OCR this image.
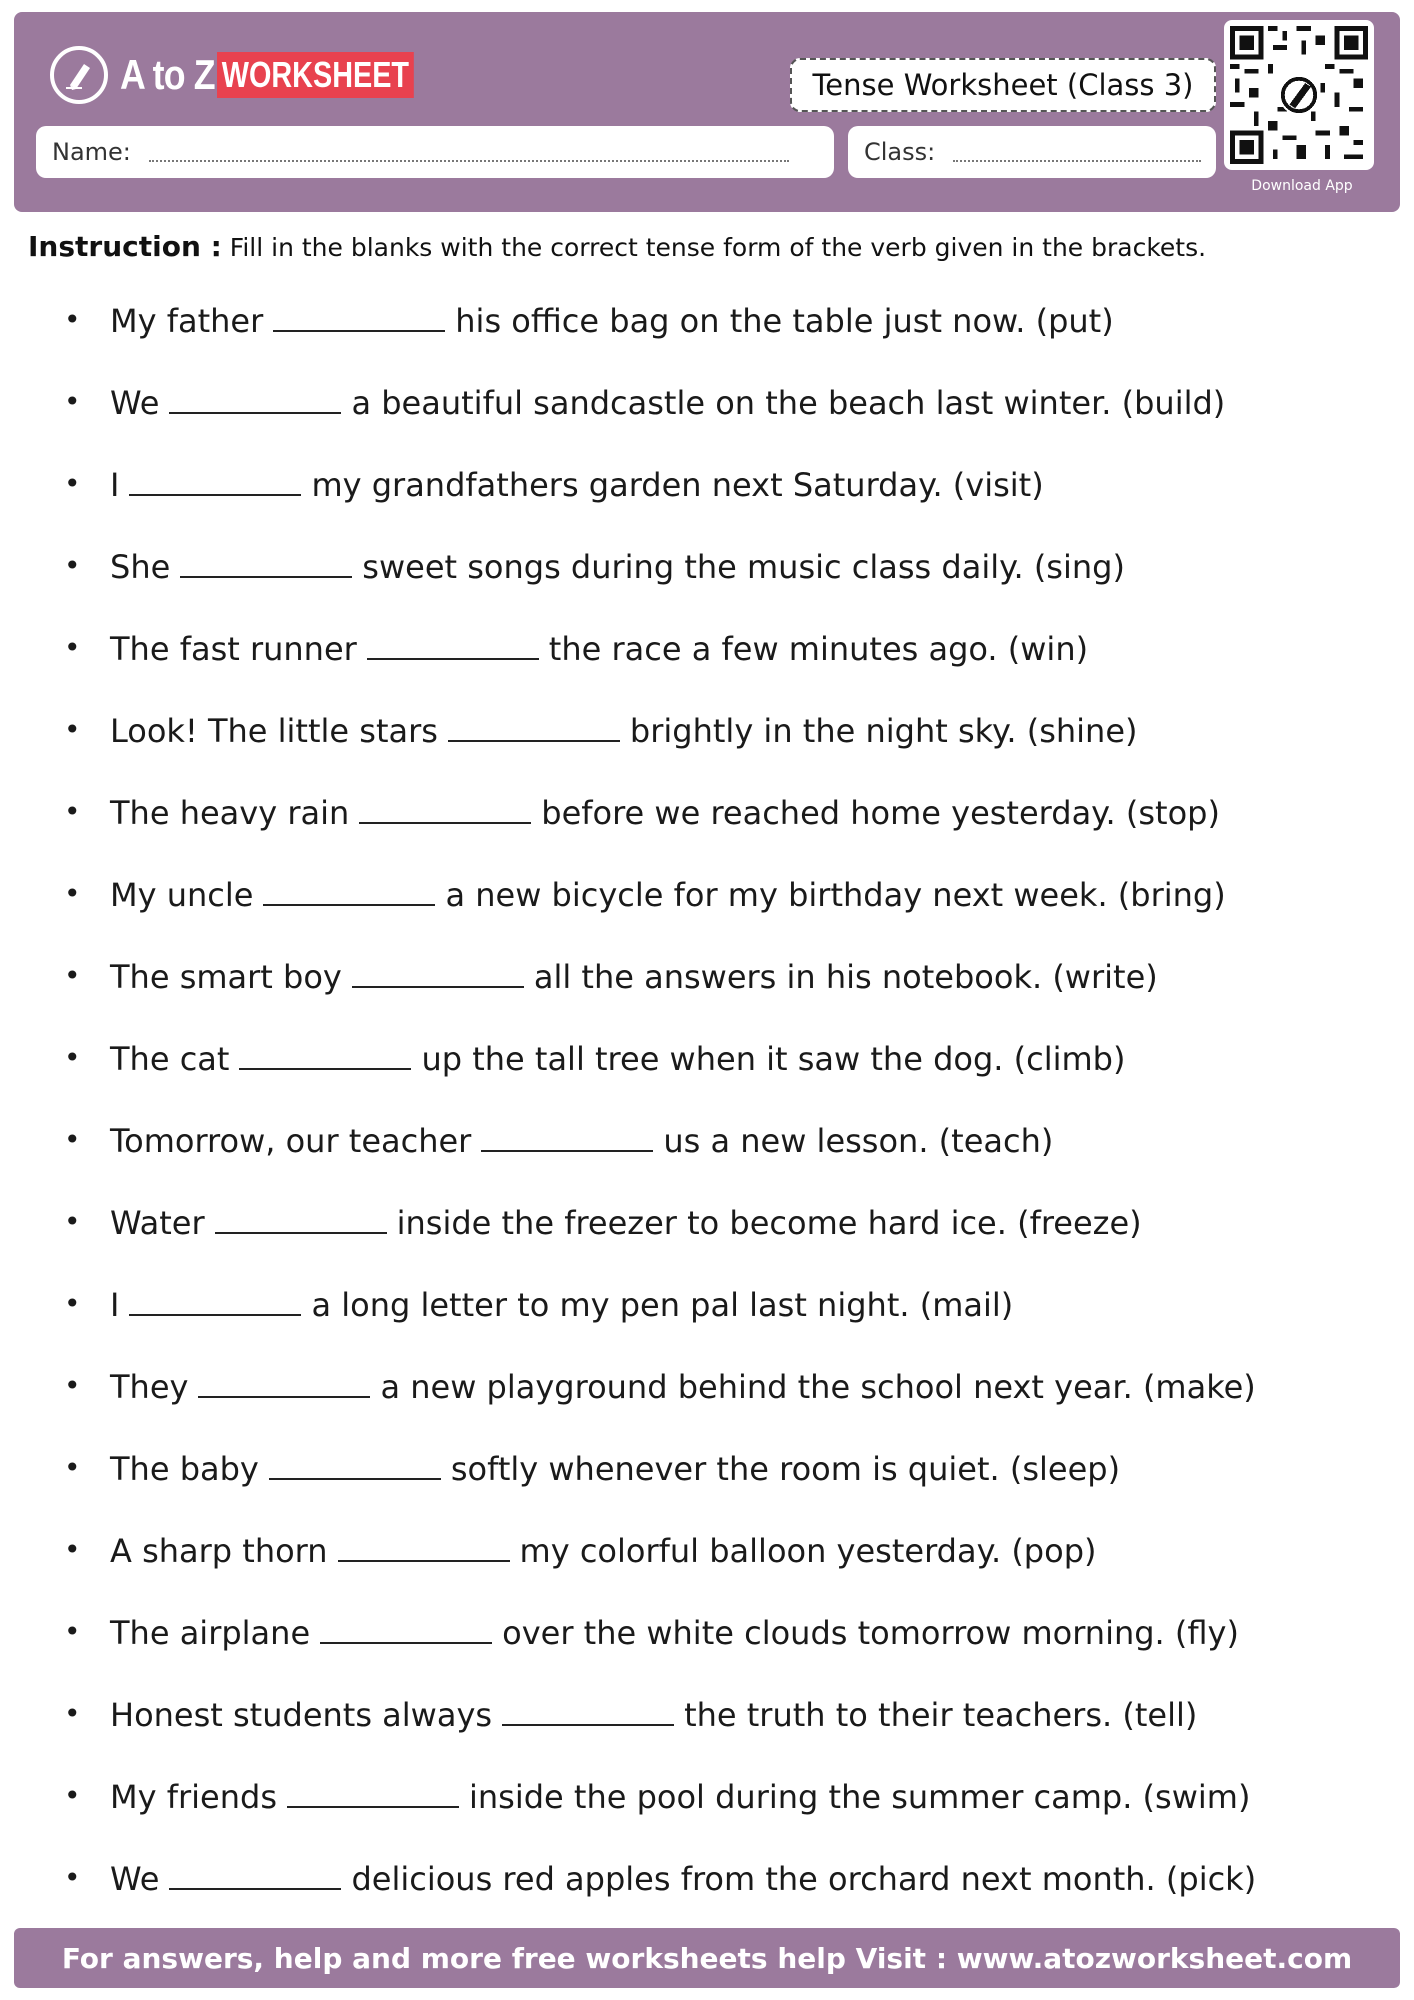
A to Z WORKSHEET	Tense Worksheet (Class 3)
Name:	Class:
Download App
Instruction : Fill in the blanks with the correct tense form of the verb given in the brackets.
• My father	his office bag on the table just now. (put)
• We	a beautiful sandcastle on the beach last winter. (build)
• I	my grandfathers garden next Saturday. (visit)
• She	sweet songs during the music class daily. (sing)
• The fast runner	the race a few minutes ago. (win)
• Look! The little stars	brightly in the night sky. (shine)
• The heavy rain	before we reached home yesterday. (stop)
• My uncle	a new bicycle for my birthday next week. (bring)
• The smart boy	all the answers in his notebook. (write)
• The cat	up the tall tree when it saw the dog. (climb)
• Tomorrow, our teacher	us a new lesson. (teach)
• Water	inside the freezer to become hard ice. (freeze)
• I	a long letter to my pen pal last night. (mail)
• They	a new playground behind the school next year. (make)
• The baby	softly whenever the room is quiet. (sleep)
• A sharp thorn	my colorful balloon yesterday. (pop)
• The airplane	over the white clouds tomorrow morning. (fly)
• Honest students always	the truth to their teachers. (tell)
• My friends	inside the pool during the summer camp. (swim)
• We	delicious red apples from the orchard next month. (pick)
For answers, help and more free worksheets help Visit : www.atozworksheet.com
